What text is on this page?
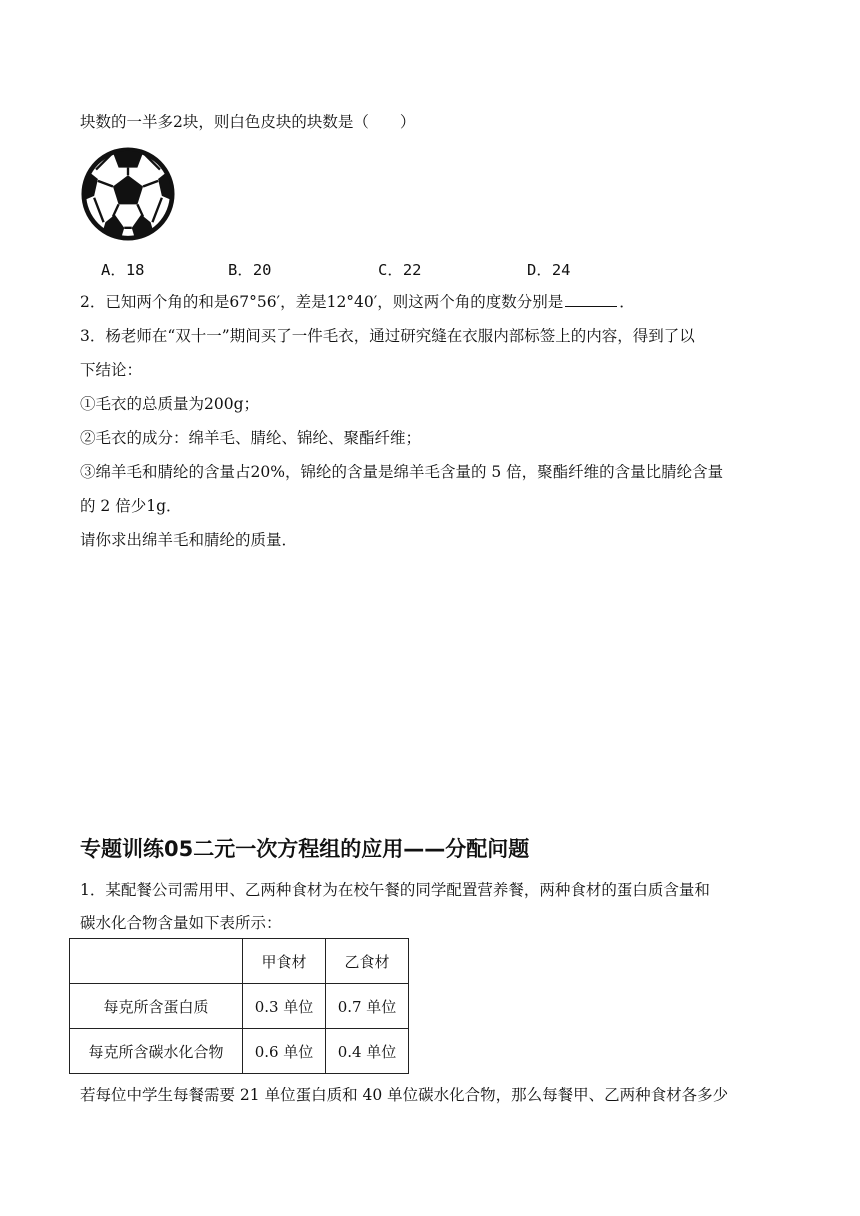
块数的一半多2块，则白色皮块的块数是（　　）
A．18	B．20	C．22	D．24
2．已知两个角的和是67°56′，差是12°40′，则这两个角的度数分别是	．
3．杨老师在“双十一”期间买了一件毛衣，通过研究缝在衣服内部标签上的内容，得到了以
下结论：
①毛衣的总质量为200g；
②毛衣的成分：绵羊毛、腈纶、锦纶、聚酯纤维；
③绵羊毛和腈纶的含量占20%，锦纶的含量是绵羊毛含量的 5 倍，聚酯纤维的含量比腈纶含量
的 2 倍少1g．
请你求出绵羊毛和腈纶的质量．
专题训练05二元一次方程组的应用——分配问题
1．某配餐公司需用甲、乙两种食材为在校午餐的同学配置营养餐，两种食材的蛋白质含量和
碳水化合物含量如下表所示：
	甲食材	乙食材
每克所含蛋白质	0.3 单位	0.7 单位
每克所含碳水化合物	0.6 单位	0.4 单位
若每位中学生每餐需要 21 单位蛋白质和 40 单位碳水化合物，那么每餐甲、乙两种食材各多少
